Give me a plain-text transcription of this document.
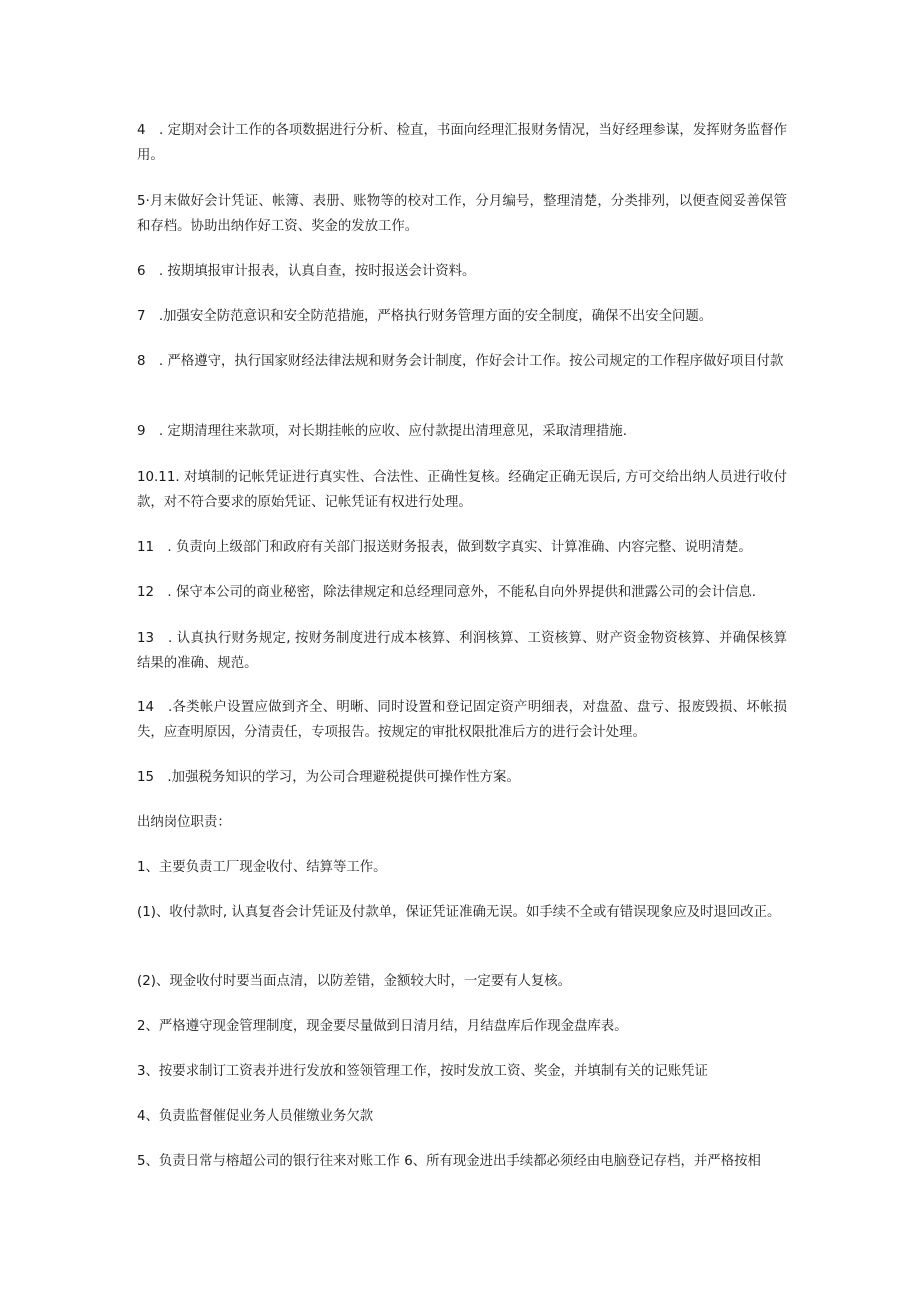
4　. 定期对会计工作的各项数据进行分析、检直，书面向经理汇报财务情况，当好经理参谋，发挥财务监督作用。

5·月末做好会计凭证、帐簿、表册、账物等的校对工作，分月编号，整理清楚，分类排列，以便查阅妥善保管和存档。协助出纳作好工资、奖金的发放工作。

6　. 按期填报审计报表，认真自查，按时报送会计资料。

7　.加强安全防范意识和安全防范措施，严格执行财务管理方面的安全制度，确保不出安全问题。

8　. 严格遵守，执行国家财经法律法规和财务会计制度，作好会计工作。按公司规定的工作程序做好项目付款

9　. 定期清理往来款项，对长期挂帐的应收、应付款提出清理意见，采取清理措施.

10.11. 对填制的记帐凭证进行真实性、合法性、正确性复核。经确定正确无误后, 方可交给出纳人员进行收付款，对不符合要求的原始凭证、记帐凭证有权进行处理。

11　. 负责向上级部门和政府有关部门报送财务报表，做到数字真实、计算准确、内容完整、说明清楚。

12　. 保守本公司的商业秘密，除法律规定和总经理同意外，不能私自向外界提供和泄露公司的会计信息.

13　. 认真执行财务规定, 按财务制度进行成本核算、利润核算、工资核算、财产资金物资核算、并确保核算结果的准确、规范。

14　.各类帐户设置应做到齐全、明晰、同时设置和登记固定资产明细表，对盘盈、盘亏、报废毁损、坏帐损失，应查明原因，分清责任，专项报告。按规定的审批权限批准后方的进行会计处理。

15　.加强税务知识的学习，为公司合理避税提供可操作性方案。

出纳岗位职责：

1、主要负责工厂现金收付、结算等工作。

(1)、收付款时, 认真复沓会计凭证及付款单，保证凭证准确无误。如手续不全或有错误现象应及时退回改正。

(2)、现金收付时要当面点清，以防差错，金额较大时，一定要有人复核。

2、严格遵守现金管理制度，现金要尽量做到日清月结，月结盘库后作现金盘库表。

3、按要求制订工资表并进行发放和签领管理工作，按时发放工资、奖金，并填制有关的记账凭证

4、负责监督催促业务人员催缴业务欠款

5、负责日常与榕超公司的银行往来对账工作 6、所有现金进出手续都必须经由电脑登记存档，并严格按相
